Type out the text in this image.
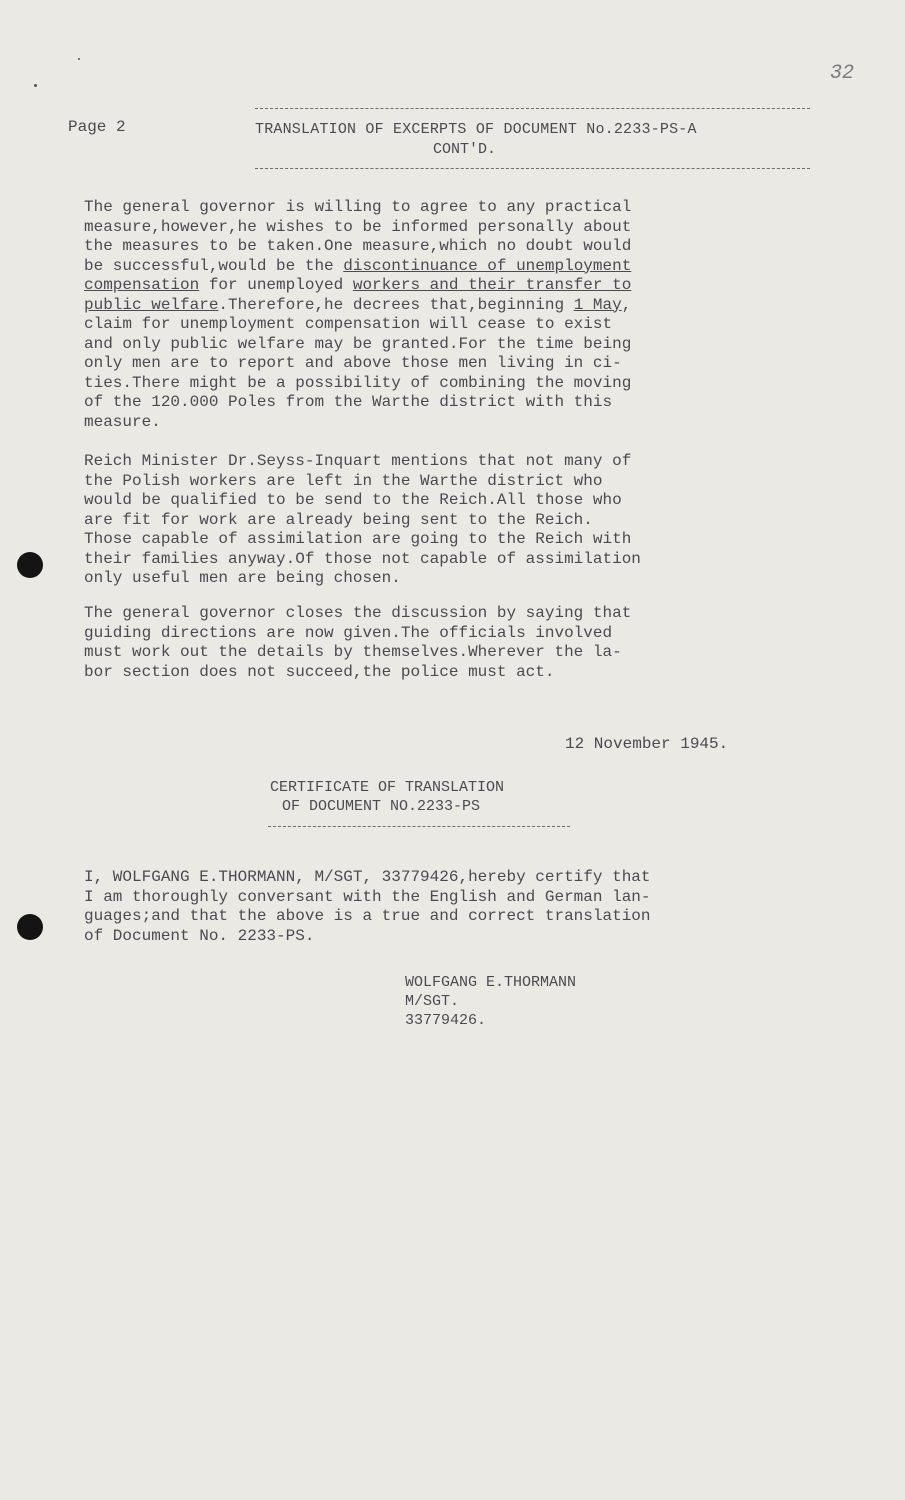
32
Page 2	TRANSLATION OF EXCERPTS OF DOCUMENT No.2233-PS-A
CONT'D.
The general governor is willing to agree to any practical
measure,however,he wishes to be informed personally about
the measures to be taken.One measure,which no doubt would
be successful,would be the discontinuance of unemployment
compensation for unemployed workers and their transfer to
public welfare.Therefore,he decrees that,beginning 1 May,
claim for unemployment compensation will cease to exist
and only public welfare may be granted.For the time being
only men are to report and above those men living in ci-
ties.There might be a possibility of combining the moving
of the 120.000 Poles from the Warthe district with this
measure.
Reich Minister Dr.Seyss-Inquart mentions that not many of
the Polish workers are left in the Warthe district who
would be qualified to be send to the Reich.All those who
are fit for work are already being sent to the Reich.
Those capable of assimilation are going to the Reich with
their families anyway.Of those not capable of assimilation
only useful men are being chosen.
The general governor closes the discussion by saying that
guiding directions are now given.The officials involved
must work out the details by themselves.Wherever the la-
bor section does not succeed,the police must act.
12 November 1945.
CERTIFICATE OF TRANSLATION
OF DOCUMENT NO.2233-PS
I, WOLFGANG E.THORMANN, M/SGT, 33779426,hereby certify that
I am thoroughly conversant with the English and German lan-
guages;and that the above is a true and correct translation
of Document No. 2233-PS.
WOLFGANG E.THORMANN
M/SGT.
33779426.
